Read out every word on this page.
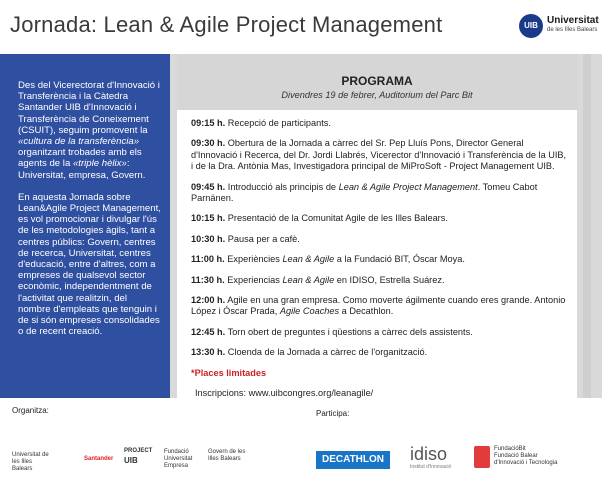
Jornada: Lean & Agile Project Management	UIB Universitat
de les Illes Balears

Des del Vicerectorat d'Innovació i Transferència i la Càtedra Santander UIB d'Innovació i Transferència de Coneixement (CSUIT), seguim promovent la «cultura de la transferència» organitzant trobades amb els agents de la «triple hèlix»: Universitat, empresa, Govern.

En aquesta Jornada sobre Lean&Agile Project Management, es vol promocionar i divulgar l'ús de les metodologies àgils, tant a centres públics: Govern, centres de recerca, Universitat, centres d'educació, entre d'altres, com a empreses de qualsevol sector econòmic, independentment de l'activitat que realitzin, del nombre d'empleats que tenguin i de si són empreses consolidades o de recent creació.

PROGRAMA
Divendres 19 de febrer, Auditorium del Parc Bit
09:15 h. Recepció de participants.
09:30 h. Obertura de la Jornada a càrrec del Sr. Pep Lluís Pons, Director General d'Innovació i Recerca, del Dr. Jordi Llabrés, Vicerector d'Innovació i Transferència de la UIB, i de la Dra. Antònia Mas, Investigadora principal de MiProSoft - Project Management UIB.
09:45 h. Introducció als principis de Lean & Agile Project Management. Tomeu Cabot Parnänen.
10:15 h. Presentació de la Comunitat Agile de les Illes Balears.
10:30 h. Pausa per a cafè.
11:00 h. Experiències Lean & Agile a la Fundació BIT, Óscar Moya.
11:30 h. Experiencias Lean & Agile en IDISO, Estrella Suárez.
12:00 h. Agile en una gran empresa. Como moverte ágilmente cuando eres grande. Antonio López i Óscar Prada, Agile Coaches a Decathlon.
12:45 h. Torn obert de preguntes i qüestions a càrrec dels assistents.
13:30 h. Cloenda de la Jornada a càrrec de l'organització.
*Places limitades
Inscripcions: www.uibcongres.org/leanagile/
Organitza:	Participa:
Universitat de les Illes Balears
Santander
PROJECT
UIB
Fundació Universitat Empresa
Govern de les Illes Balears	DECATHLON	idiso
Institut d'Innovació
FundacióBit
Fundació Balear d'Innovació i Tecnologia
